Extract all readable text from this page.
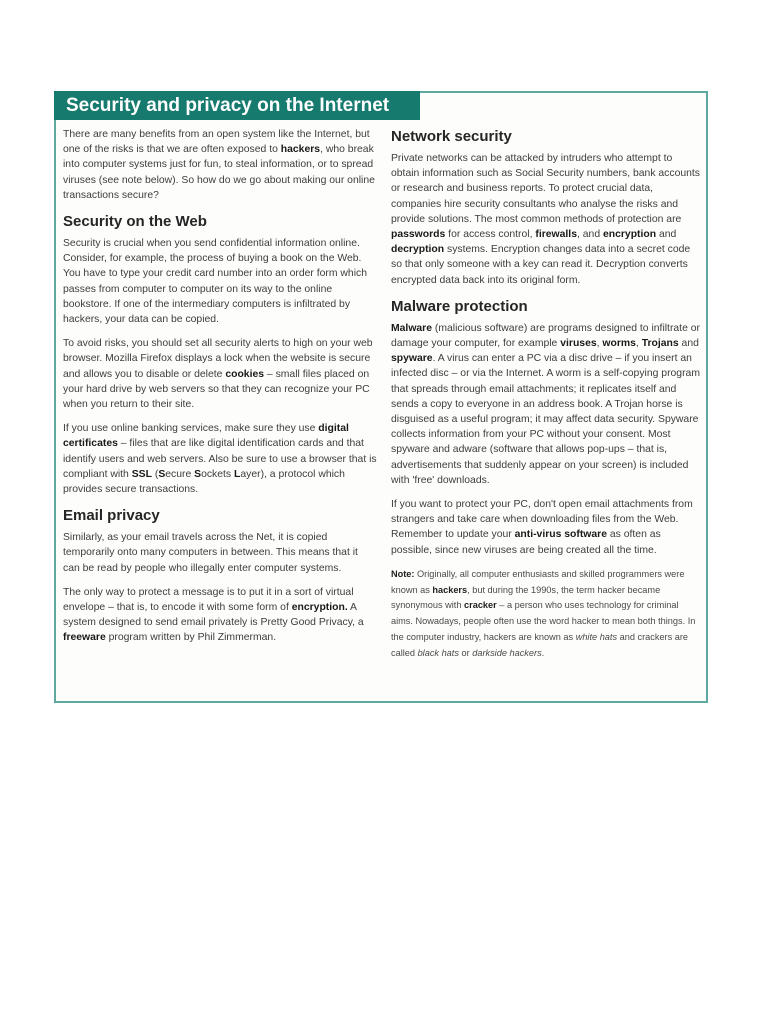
Security and privacy on the Internet

There are many benefits from an open system like the Internet, but one of the risks is that we are often exposed to hackers, who break into computer systems just for fun, to steal information, or to spread viruses (see note below). So how do we go about making our online transactions secure?

Security on the Web

Security is crucial when you send confidential information online. Consider, for example, the process of buying a book on the Web. You have to type your credit card number into an order form which passes from computer to computer on its way to the online bookstore. If one of the intermediary computers is infiltrated by hackers, your data can be copied.

To avoid risks, you should set all security alerts to high on your web browser. Mozilla Firefox displays a lock when the website is secure and allows you to disable or delete cookies – small files placed on your hard drive by web servers so that they can recognize your PC when you return to their site.

If you use online banking services, make sure they use digital certificates – files that are like digital identification cards and that identify users and web servers. Also be sure to use a browser that is compliant with SSL (Secure Sockets Layer), a protocol which provides secure transactions.

Email privacy

Similarly, as your email travels across the Net, it is copied temporarily onto many computers in between. This means that it can be read by people who illegally enter computer systems.

The only way to protect a message is to put it in a sort of virtual envelope – that is, to encode it with some form of encryption. A system designed to send email privately is Pretty Good Privacy, a freeware program written by Phil Zimmerman.

Network security

Private networks can be attacked by intruders who attempt to obtain information such as Social Security numbers, bank accounts or research and business reports. To protect crucial data, companies hire security consultants who analyse the risks and provide solutions. The most common methods of protection are passwords for access control, firewalls, and encryption and decryption systems. Encryption changes data into a secret code so that only someone with a key can read it. Decryption converts encrypted data back into its original form.

Malware protection

Malware (malicious software) are programs designed to infiltrate or damage your computer, for example viruses, worms, Trojans and spyware. A virus can enter a PC via a disc drive – if you insert an infected disc – or via the Internet. A worm is a self-copying program that spreads through email attachments; it replicates itself and sends a copy to everyone in an address book. A Trojan horse is disguised as a useful program; it may affect data security. Spyware collects information from your PC without your consent. Most spyware and adware (software that allows pop-ups – that is, advertisements that suddenly appear on your screen) is included with 'free' downloads.

If you want to protect your PC, don't open email attachments from strangers and take care when downloading files from the Web. Remember to update your anti-virus software as often as possible, since new viruses are being created all the time.

Note: Originally, all computer enthusiasts and skilled programmers were known as hackers, but during the 1990s, the term hacker became synonymous with cracker – a person who uses technology for criminal aims. Nowadays, people often use the word hacker to mean both things. In the computer industry, hackers are known as white hats and crackers are called black hats or darkside hackers.
